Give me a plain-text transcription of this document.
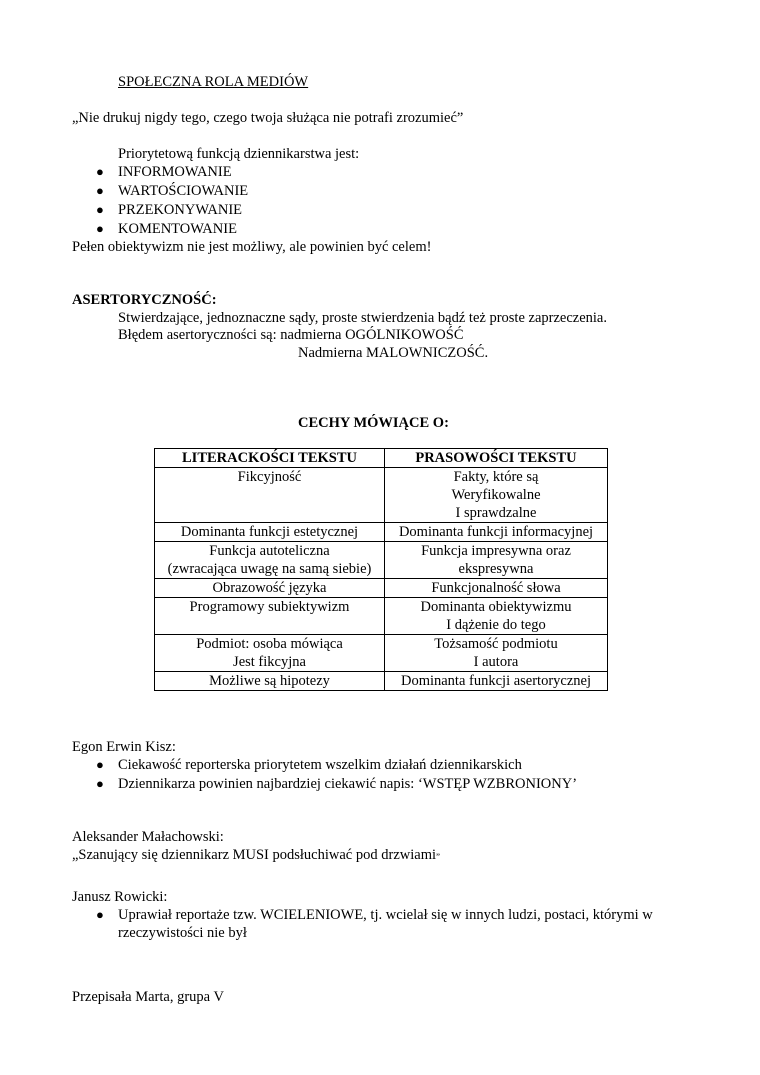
SPOŁECZNA ROLA MEDIÓW
„Nie drukuj nigdy tego, czego twoja służąca nie potrafi zrozumieć”
Priorytetową funkcją dziennikarstwa jest:
● INFORMOWANIE
● WARTOŚCIOWANIE
● PRZEKONYWANIE
● KOMENTOWANIE
Pełen obiektywizm nie jest możliwy, ale powinien być celem!
ASERTORYCZNOŚĆ:
Stwierdzające, jednoznaczne sądy, proste stwierdzenia bądź też proste zaprzeczenia.
Błędem asertoryczności są: nadmierna OGÓLNIKOWOŚĆ
Nadmierna MALOWNICZOŚĆ.
CECHY MÓWIĄCE O:
LITERACKOŚCI TEKSTU	PRASOWOŚCI TEKSTU

Fikcyjność	Fakty, które są
Weryfikowalne
I sprawdzalne

Dominanta funkcji estetycznej	Dominanta funkcji informacyjnej

Funkcja autoteliczna
(zwracająca uwagę na samą siebie)	Funkcja impresywna oraz
ekspresywna

Obrazowość języka	Funkcjonalność słowa

Programowy subiektywizm	Dominanta obiektywizmu
I dążenie do tego

Podmiot: osoba mówiąca
Jest fikcyjna	Tożsamość podmiotu
I autora

Możliwe są hipotezy	Dominanta funkcji asertorycznej
Egon Erwin Kisz:
● Ciekawość reporterska priorytetem wszelkim działań dziennikarskich
● Dziennikarza powinien najbardziej ciekawić napis: ‘WSTĘP WZBRONIONY’
Aleksander Małachowski:
„Szanujący się dziennikarz MUSI podsłuchiwać pod drzwiami”
Janusz Rowicki:
● Uprawiał reportaże tzw. WCIELENIOWE, tj. wcielał się w innych ludzi, postaci, którymi w
rzeczywistości nie był
Przepisała Marta, grupa V
